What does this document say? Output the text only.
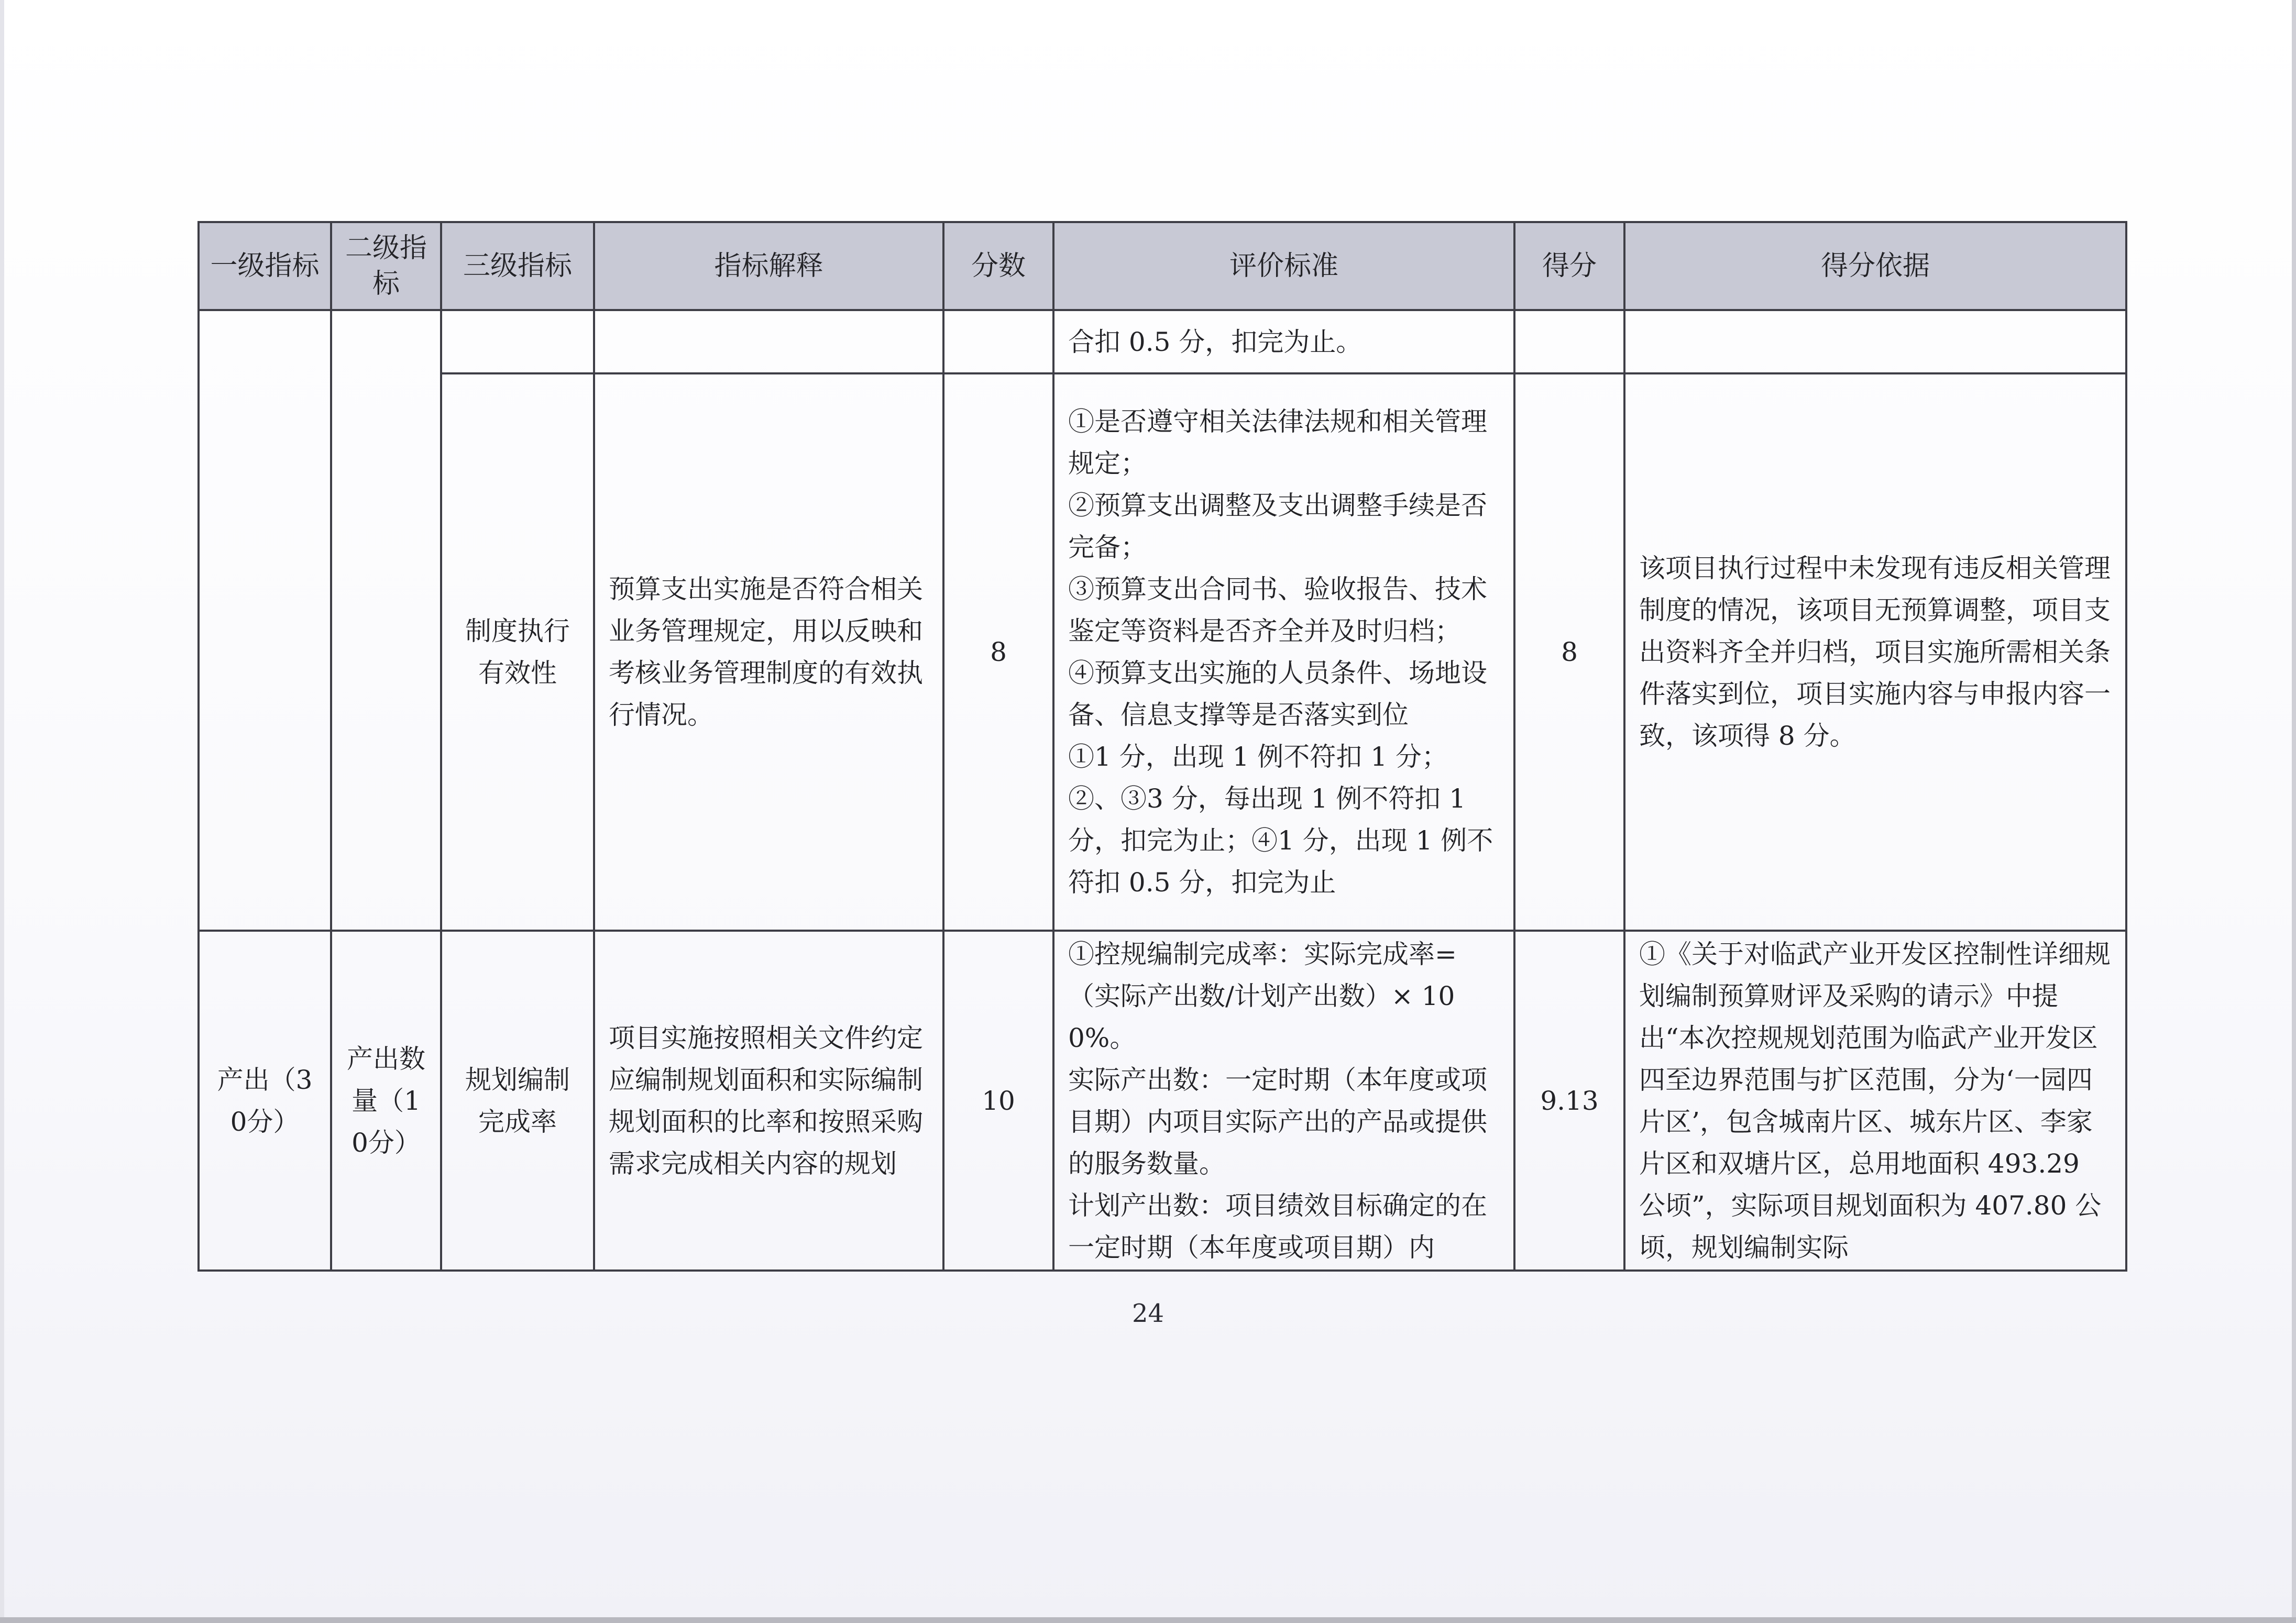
一级指标	二级指标	三级指标	指标解释	分数	评价标准	得分	得分依据

					合扣 0.5 分，扣完为止。		

		制度执行有效性	预算支出实施是否符合相关业务管理规定，用以反映和考核业务管理制度的有效执行情况。	8	①是否遵守相关法律法规和相关管理规定；
②预算支出调整及支出调整手续是否完备；
③预算支出合同书、验收报告、技术鉴定等资料是否齐全并及时归档；
④预算支出实施的人员条件、场地设备、信息支撑等是否落实到位
①1 分，出现 1 例不符扣 1 分；②、③3 分，每出现 1 例不符扣 1 分，扣完为止；④1 分，出现 1 例不符扣 0.5 分，扣完为止	8	该项目执行过程中未发现有违反相关管理制度的情况，该项目无预算调整，项目支出资料齐全并归档，项目实施所需相关条件落实到位，项目实施内容与申报内容一致，该项得 8 分。
产出（30分）	产出数量（10分）	规划编制完成率	项目实施按照相关文件约定应编制规划面积和实际编制规划面积的比率和按照采购需求完成相关内容的规划	10	①控规编制完成率：实际完成率=（实际产出数/计划产出数）× 100%。
实际产出数：一定时期（本年度或项目期）内项目实际产出的产品或提供的服务数量。
计划产出数：项目绩效目标确定的在一定时期（本年度或项目期）内	9.13	①《关于对临武产业开发区控制性详细规划编制预算财评及采购的请示》中提出“本次控规规划范围为临武产业开发区四至边界范围与扩区范围，分为‘一园四片区’，包含城南片区、城东片区、李家片区和双塘片区，总用地面积 493.29 公顷”，实际项目规划面积为 407.80 公顷，规划编制实际
24
